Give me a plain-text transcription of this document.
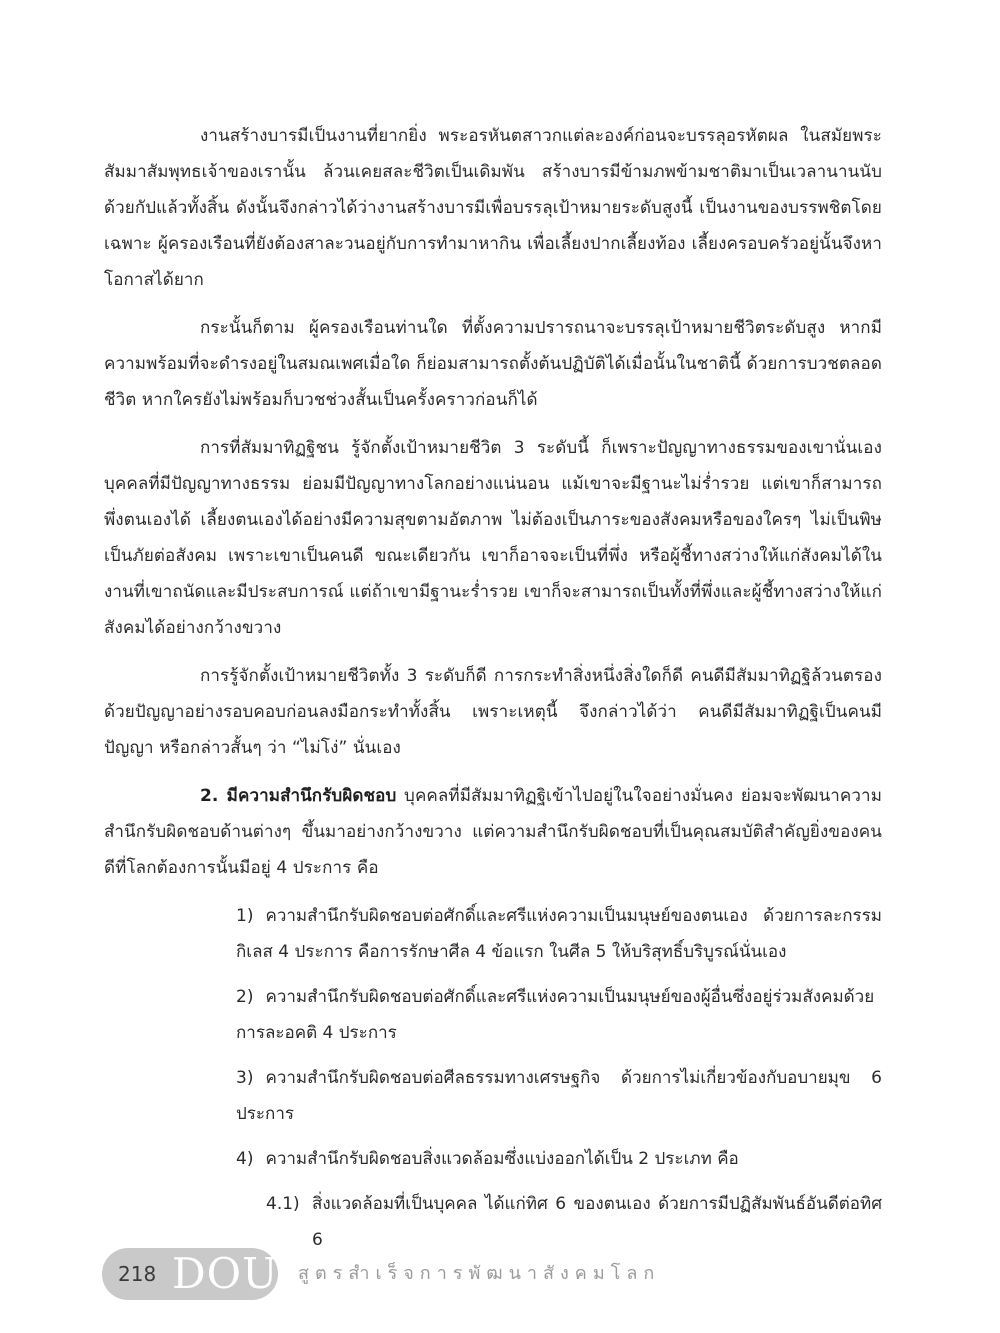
งานสร้างบารมีเป็นงานที่ยากยิ่ง พระอรหันตสาวกแต่ละองค์ก่อนจะบรรลุอรหัตผล ในสมัยพระสัมมาสัมพุทธเจ้าของเรานั้น ล้วนเคยสละชีวิตเป็นเดิมพัน สร้างบารมีข้ามภพข้ามชาติมาเป็นเวลานานนับด้วยกัปแล้วทั้งสิ้น ดังนั้นจึงกล่าวได้ว่างานสร้างบารมีเพื่อบรรลุเป้าหมายระดับสูงนี้ เป็นงานของบรรพชิตโดยเฉพาะ ผู้ครองเรือนที่ยังต้องสาละวนอยู่กับการทำมาหากิน เพื่อเลี้ยงปากเลี้ยงท้อง เลี้ยงครอบครัวอยู่นั้นจึงหาโอกาสได้ยาก

กระนั้นก็ตาม ผู้ครองเรือนท่านใด ที่ตั้งความปรารถนาจะบรรลุเป้าหมายชีวิตระดับสูง หากมีความพร้อมที่จะดำรงอยู่ในสมณเพศเมื่อใด ก็ย่อมสามารถตั้งต้นปฏิบัติได้เมื่อนั้นในชาตินี้ ด้วยการบวชตลอดชีวิต หากใครยังไม่พร้อมก็บวชช่วงสั้นเป็นครั้งคราวก่อนก็ได้

การที่สัมมาทิฏฐิชน รู้จักตั้งเป้าหมายชีวิต 3 ระดับนี้ ก็เพราะปัญญาทางธรรมของเขานั่นเอง บุคคลที่มีปัญญาทางธรรม ย่อมมีปัญญาทางโลกอย่างแน่นอน แม้เขาจะมีฐานะไม่ร่ำรวย แต่เขาก็สามารถพึ่งตนเองได้ เลี้ยงตนเองได้อย่างมีความสุขตามอัตภาพ ไม่ต้องเป็นภาระของสังคมหรือของใครๆ ไม่เป็นพิษเป็นภัยต่อสังคม เพราะเขาเป็นคนดี ขณะเดียวกัน เขาก็อาจจะเป็นที่พึ่ง หรือผู้ชี้ทางสว่างให้แก่สังคมได้ในงานที่เขาถนัดและมีประสบการณ์ แต่ถ้าเขามีฐานะร่ำรวย เขาก็จะสามารถเป็นทั้งที่พึ่งและผู้ชี้ทางสว่างให้แก่สังคมได้อย่างกว้างขวาง

การรู้จักตั้งเป้าหมายชีวิตทั้ง 3 ระดับก็ดี การกระทำสิ่งหนึ่งสิ่งใดก็ดี คนดีมีสัมมาทิฏฐิล้วนตรองด้วยปัญญาอย่างรอบคอบก่อนลงมือกระทำทั้งสิ้น เพราะเหตุนี้ จึงกล่าวได้ว่า คนดีมีสัมมาทิฏฐิเป็นคนมีปัญญา หรือกล่าวสั้นๆ ว่า “ไม่โง่” นั่นเอง

2. มีความสำนึกรับผิดชอบ บุคคลที่มีสัมมาทิฏฐิเข้าไปอยู่ในใจอย่างมั่นคง ย่อมจะพัฒนาความสำนึกรับผิดชอบด้านต่างๆ ขึ้นมาอย่างกว้างขวาง แต่ความสำนึกรับผิดชอบที่เป็นคุณสมบัติสำคัญยิ่งของคนดีที่โลกต้องการนั้นมีอยู่ 4 ประการ คือ

1) ความสำนึกรับผิดชอบต่อศักดิ์และศรีแห่งความเป็นมนุษย์ของตนเอง ด้วยการละกรรมกิเลส 4 ประการ คือการรักษาศีล 4 ข้อแรก ในศีล 5 ให้บริสุทธิ์บริบูรณ์นั่นเอง
2) ความสำนึกรับผิดชอบต่อศักดิ์และศรีแห่งความเป็นมนุษย์ของผู้อื่นซึ่งอยู่ร่วมสังคมด้วยการละอคติ 4 ประการ
3) ความสำนึกรับผิดชอบต่อศีลธรรมทางเศรษฐกิจ ด้วยการไม่เกี่ยวข้องกับอบายมุข 6 ประการ
4) ความสำนึกรับผิดชอบสิ่งแวดล้อมซึ่งแบ่งออกได้เป็น 2 ประเภท คือ

4.1) สิ่งแวดล้อมที่เป็นบุคคล ได้แก่ทิศ 6 ของตนเอง ด้วยการมีปฏิสัมพันธ์อันดีต่อทิศ 6

218 DOU สูตรสำเร็จการพัฒนาสังคมโลก
